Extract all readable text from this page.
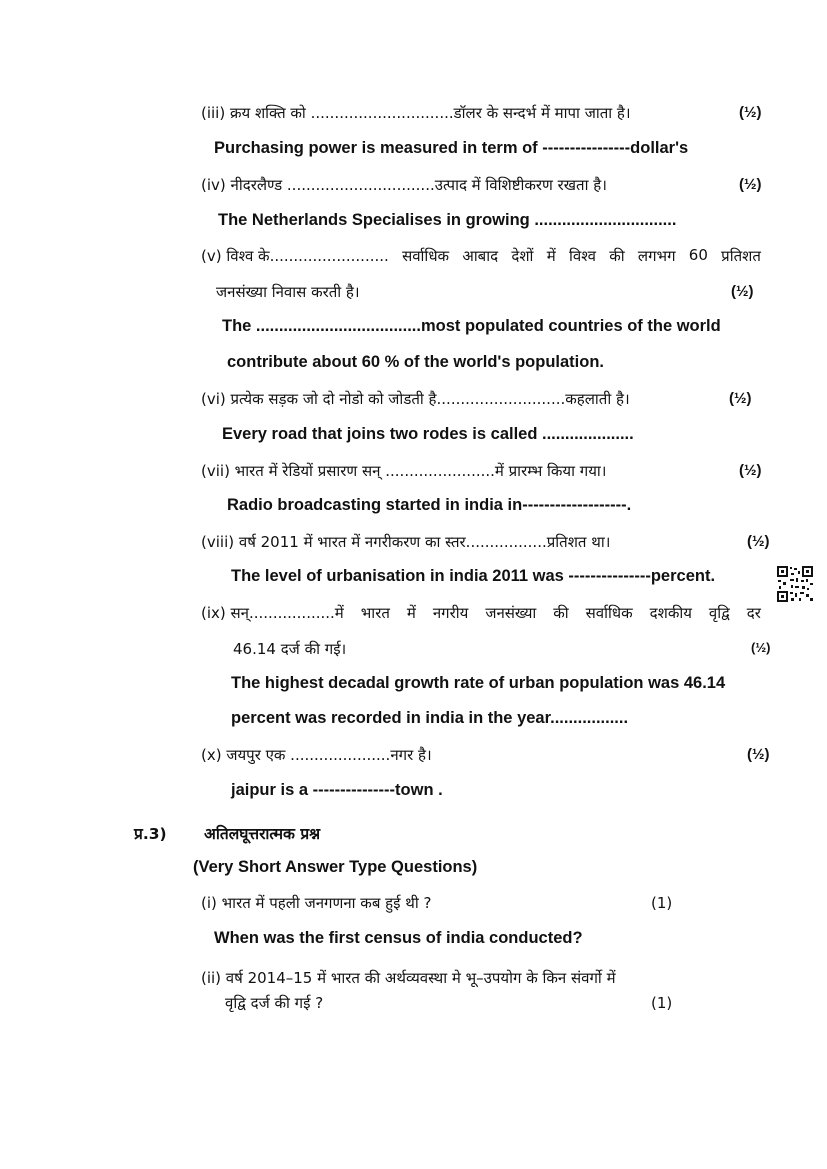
(iii) क्रय शक्ति को ..............................डॉलर के सन्दर्भ में मापा जाता है।	(½)
Purchasing power is measured in term of ----------------dollar's
(iv) नीदरलैण्ड ...............................उत्पाद में विशिष्टीकरण रखता है।	(½)
The Netherlands Specialises in growing ...............................
(v) विश्व के......................... सर्वाधिक आबाद देशों में विश्व की लगभग 60 प्रतिशत
जनसंख्या निवास करती है।	(½)
The ....................................most populated countries of the world
contribute about 60 % of the world's population.
(vi) प्रत्येक सड़क जो दो नोडो को जोडती है...........................कहलाती है।	(½)
Every road that joins two rodes is called ....................
(vii) भारत में रेडियों प्रसारण सन् .......................में प्रारम्भ किया गया।	(½)
Radio broadcasting started in india in-------------------.
(viii) वर्ष 2011 में भारत में नगरीकरण का स्तर.................प्रतिशत था।	(½)
The level of urbanisation in india 2011 was ---------------percent.
(ix) सन्..................में भारत में नगरीय जनसंख्या की सर्वाधिक दशकीय वृद्वि दर
46.14 दर्ज की गई।	(½)
The highest decadal growth rate of urban population was 46.14
percent was recorded in india in the year.................
(x) जयपुर एक .....................नगर है।	(½)
jaipur is a ---------------town .
प्र.3) अतिलघूत्तरात्मक प्रश्न
(Very Short Answer Type Questions)
(i) भारत में पहली जनगणना कब हुई थी ?	(1)
When was the first census of india conducted?
(ii) वर्ष 2014–15 में भारत की अर्थव्यवस्था मे भू–उपयोग के किन संवर्गो में
वृद्वि दर्ज की गई ?	(1)
